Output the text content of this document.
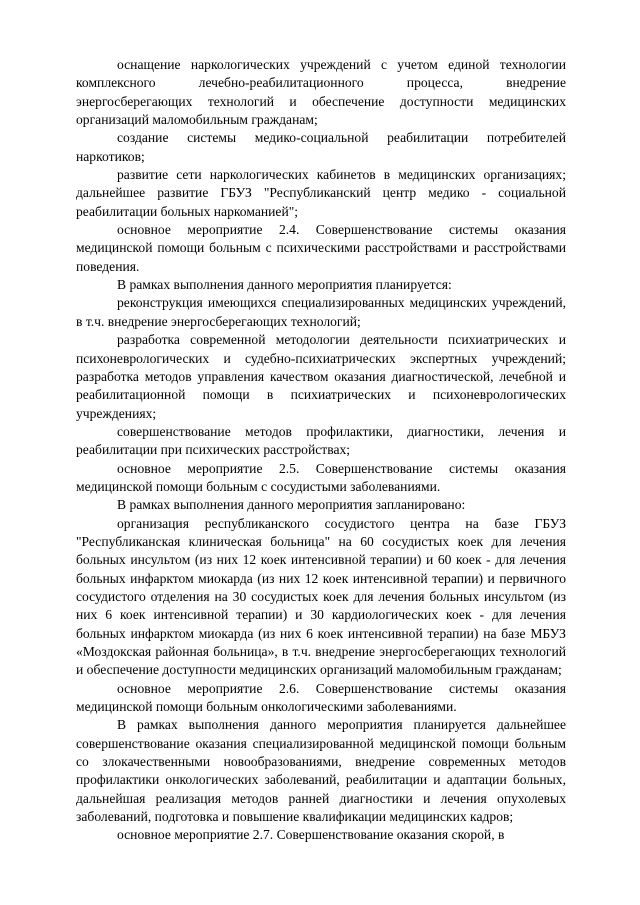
оснащение наркологических учреждений с учетом единой технологии комплексного лечебно-реабилитационного процесса, внедрение энергосберегающих технологий и обеспечение доступности медицинских организаций маломобильным гражданам;

создание системы медико-социальной реабилитации потребителей наркотиков;

развитие сети наркологических кабинетов в медицинских организациях; дальнейшее развитие ГБУЗ "Республиканский центр медико - социальной реабилитации больных наркоманией";

основное мероприятие 2.4. Совершенствование системы оказания медицинской помощи больным с психическими расстройствами и расстройствами поведения.

В рамках выполнения данного мероприятия планируется:

реконструкция имеющихся специализированных медицинских учреждений, в т.ч. внедрение энергосберегающих технологий;

разработка современной методологии деятельности психиатрических и психоневрологических и судебно-психиатрических экспертных учреждений; разработка методов управления качеством оказания диагностической, лечебной и реабилитационной помощи в психиатрических и психоневрологических учреждениях;

совершенствование методов профилактики, диагностики, лечения и реабилитации при психических расстройствах;

основное мероприятие 2.5. Совершенствование системы оказания медицинской помощи больным с сосудистыми заболеваниями.

В рамках выполнения данного мероприятия запланировано:

организация республиканского сосудистого центра на базе ГБУЗ "Республиканская клиническая больница" на 60 сосудистых коек для лечения больных инсультом (из них 12 коек интенсивной терапии) и 60 коек - для лечения больных инфарктом миокарда (из них 12 коек интенсивной терапии) и первичного сосудистого отделения на 30 сосудистых коек для лечения больных инсультом (из них 6 коек интенсивной терапии) и 30 кардиологических коек - для лечения больных инфарктом миокарда (из них 6 коек интенсивной терапии) на базе МБУЗ «Моздокская районная больница», в т.ч. внедрение энергосберегающих технологий и обеспечение доступности медицинских организаций маломобильным гражданам;

основное мероприятие 2.6. Совершенствование системы оказания медицинской помощи больным онкологическими заболеваниями.

В рамках выполнения данного мероприятия планируется дальнейшее совершенствование оказания специализированной медицинской помощи больным со злокачественными новообразованиями, внедрение современных методов профилактики онкологических заболеваний, реабилитации и адаптации больных, дальнейшая реализация методов ранней диагностики и лечения опухолевых заболеваний, подготовка и повышение квалификации медицинских кадров;

основное мероприятие 2.7. Совершенствование оказания скорой, в
